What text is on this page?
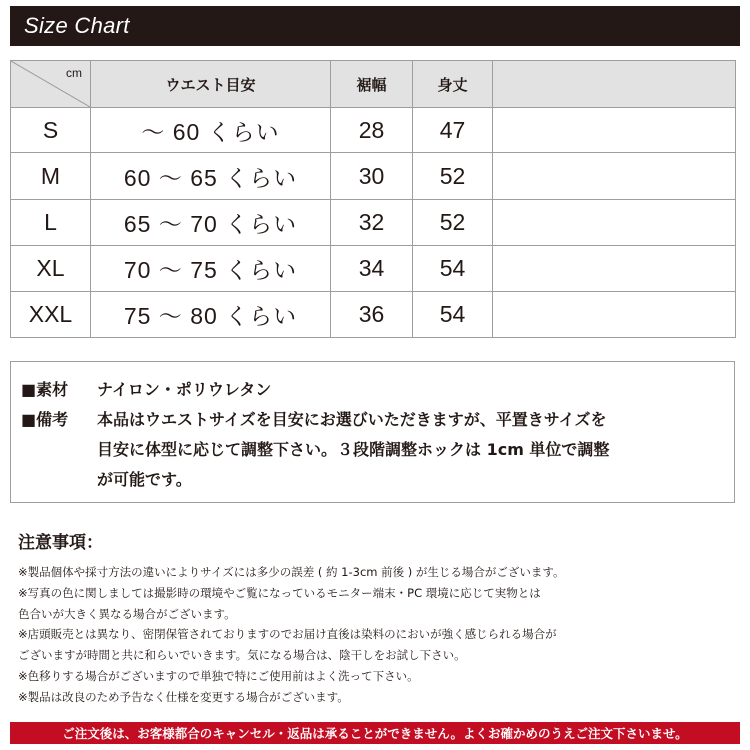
Size Chart
cm	ウエスト目安	裾幅	身丈	
S	～ 60 くらい	28	47	
M	60 ～ 65 くらい	30	52	
L	65 ～ 70 くらい	32	52	
XL	70 ～ 75 くらい	34	54	
XXL	75 ～ 80 くらい	36	54	
■素材	ナイロン・ポリウレタン
■備考	本品はウエストサイズを目安にお選びいただきますが、平置きサイズを
目安に体型に応じて調整下さい。３段階調整ホックは 1cm 単位で調整
が可能です。
注意事項：
※製品個体や採寸方法の違いによりサイズには多少の誤差 ( 約 1-3cm 前後 ) が生じる場合がございます。
※写真の色に関しましては撮影時の環境やご覧になっているモニター端末・PC 環境に応じて実物とは
色合いが大きく異なる場合がございます。
※店頭販売とは異なり、密閉保管されておりますのでお届け直後は染料のにおいが強く感じられる場合が
ございますが時間と共に和らいでいきます。気になる場合は、陰干しをお試し下さい。
※色移りする場合がございますので単独で特にご使用前はよく洗って下さい。
※製品は改良のため予告なく仕様を変更する場合がございます。
ご注文後は、お客様都合のキャンセル・返品は承ることができません。よくお確かめのうえご注文下さいませ。
